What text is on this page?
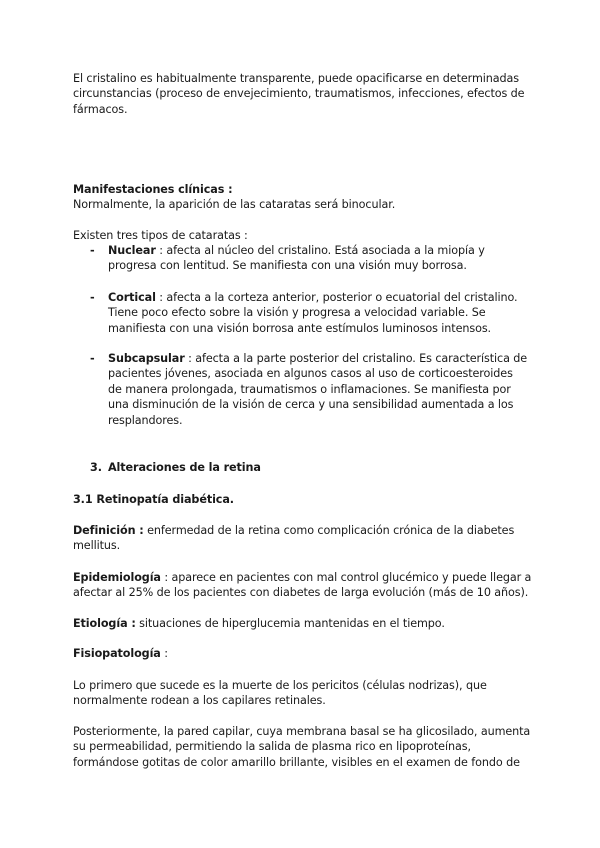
El cristalino es habitualmente transparente, puede opacificarse en determinadas circunstancias (proceso de envejecimiento, traumatismos, infecciones, efectos de fármacos.

Manifestaciones clínicas :

Normalmente, la aparición de las cataratas será binocular.

Existen tres tipos de cataratas :

- Nuclear : afecta al núcleo del cristalino. Está asociada a la miopía y progresa con lentitud. Se manifiesta con una visión muy borrosa.

- Cortical : afecta a la corteza anterior, posterior o ecuatorial del cristalino. Tiene poco efecto sobre la visión y progresa a velocidad variable. Se manifiesta con una visión borrosa ante estímulos luminosos intensos.

- Subcapsular : afecta a la parte posterior del cristalino. Es característica de pacientes jóvenes, asociada en algunos casos al uso de corticoesteroides de manera prolongada, traumatismos o inflamaciones. Se manifiesta por una disminución de la visión de cerca y una sensibilidad aumentada a los resplandores.

3. Alteraciones de la retina

3.1 Retinopatía diabética.

Definición : enfermedad de la retina como complicación crónica de la diabetes mellitus.

Epidemiología : aparece en pacientes con mal control glucémico y puede llegar a afectar al 25% de los pacientes con diabetes de larga evolución (más de 10 años).

Etiología : situaciones de hiperglucemia mantenidas en el tiempo.

Fisiopatología :

Lo primero que sucede es la muerte de los pericitos (células nodrizas), que normalmente rodean a los capilares retinales.

Posteriormente, la pared capilar, cuya membrana basal se ha glicosilado, aumenta su permeabilidad, permitiendo la salida de plasma rico en lipoproteínas, formándose gotitas de color amarillo brillante, visibles en el examen de fondo de
